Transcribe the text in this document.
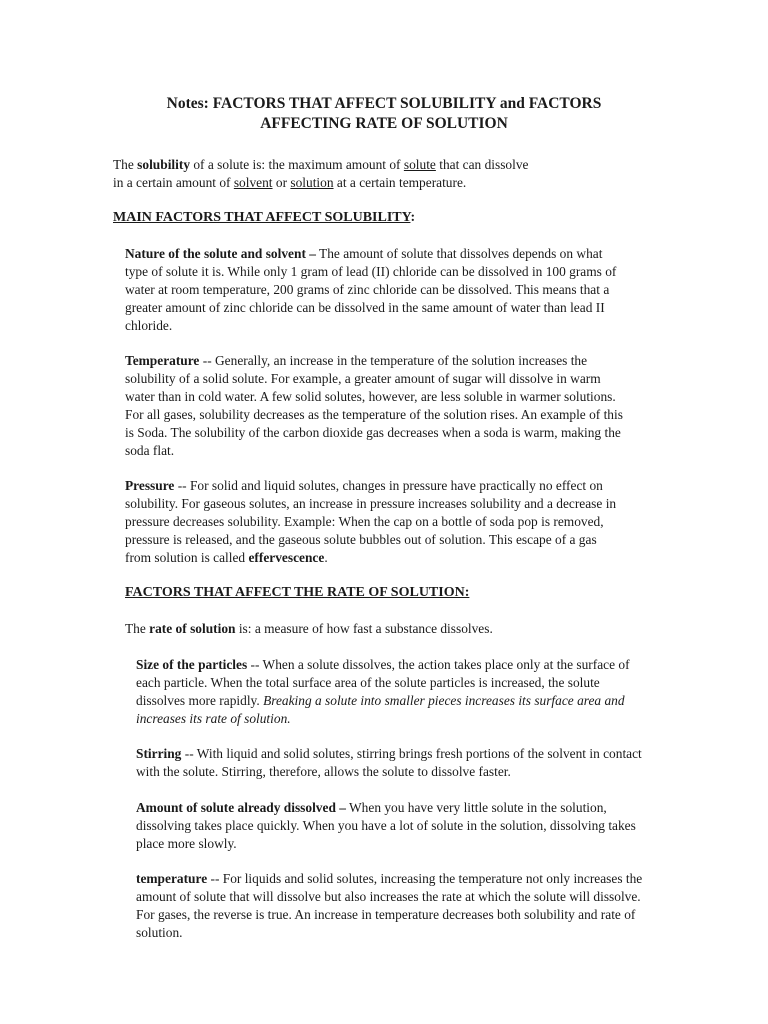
Notes: FACTORS THAT AFFECT SOLUBILITY and FACTORS
AFFECTING RATE OF SOLUTION

The solubility of a solute is: the maximum amount of solute that can dissolve
in a certain amount of solvent or solution at a certain temperature.

MAIN FACTORS THAT AFFECT SOLUBILITY:

Nature of the solute and solvent – The amount of solute that dissolves depends on what
type of solute it is. While only 1 gram of lead (II) chloride can be dissolved in 100 grams of
water at room temperature, 200 grams of zinc chloride can be dissolved. This means that a
greater amount of zinc chloride can be dissolved in the same amount of water than lead II
chloride.

Temperature -- Generally, an increase in the temperature of the solution increases the
solubility of a solid solute. For example, a greater amount of sugar will dissolve in warm
water than in cold water. A few solid solutes, however, are less soluble in warmer solutions.
For all gases, solubility decreases as the temperature of the solution rises. An example of this
is Soda. The solubility of the carbon dioxide gas decreases when a soda is warm, making the
soda flat.

Pressure -- For solid and liquid solutes, changes in pressure have practically no effect on
solubility. For gaseous solutes, an increase in pressure increases solubility and a decrease in
pressure decreases solubility. Example: When the cap on a bottle of soda pop is removed,
pressure is released, and the gaseous solute bubbles out of solution. This escape of a gas
from solution is called effervescence.

FACTORS THAT AFFECT THE RATE OF SOLUTION:

The rate of solution is: a measure of how fast a substance dissolves.

Size of the particles -- When a solute dissolves, the action takes place only at the surface of
each particle. When the total surface area of the solute particles is increased, the solute
dissolves more rapidly. Breaking a solute into smaller pieces increases its surface area and
increases its rate of solution.

Stirring -- With liquid and solid solutes, stirring brings fresh portions of the solvent in contact
with the solute. Stirring, therefore, allows the solute to dissolve faster.

Amount of solute already dissolved – When you have very little solute in the solution,
dissolving takes place quickly. When you have a lot of solute in the solution, dissolving takes
place more slowly.

temperature -- For liquids and solid solutes, increasing the temperature not only increases the
amount of solute that will dissolve but also increases the rate at which the solute will dissolve.
For gases, the reverse is true. An increase in temperature decreases both solubility and rate of
solution.
